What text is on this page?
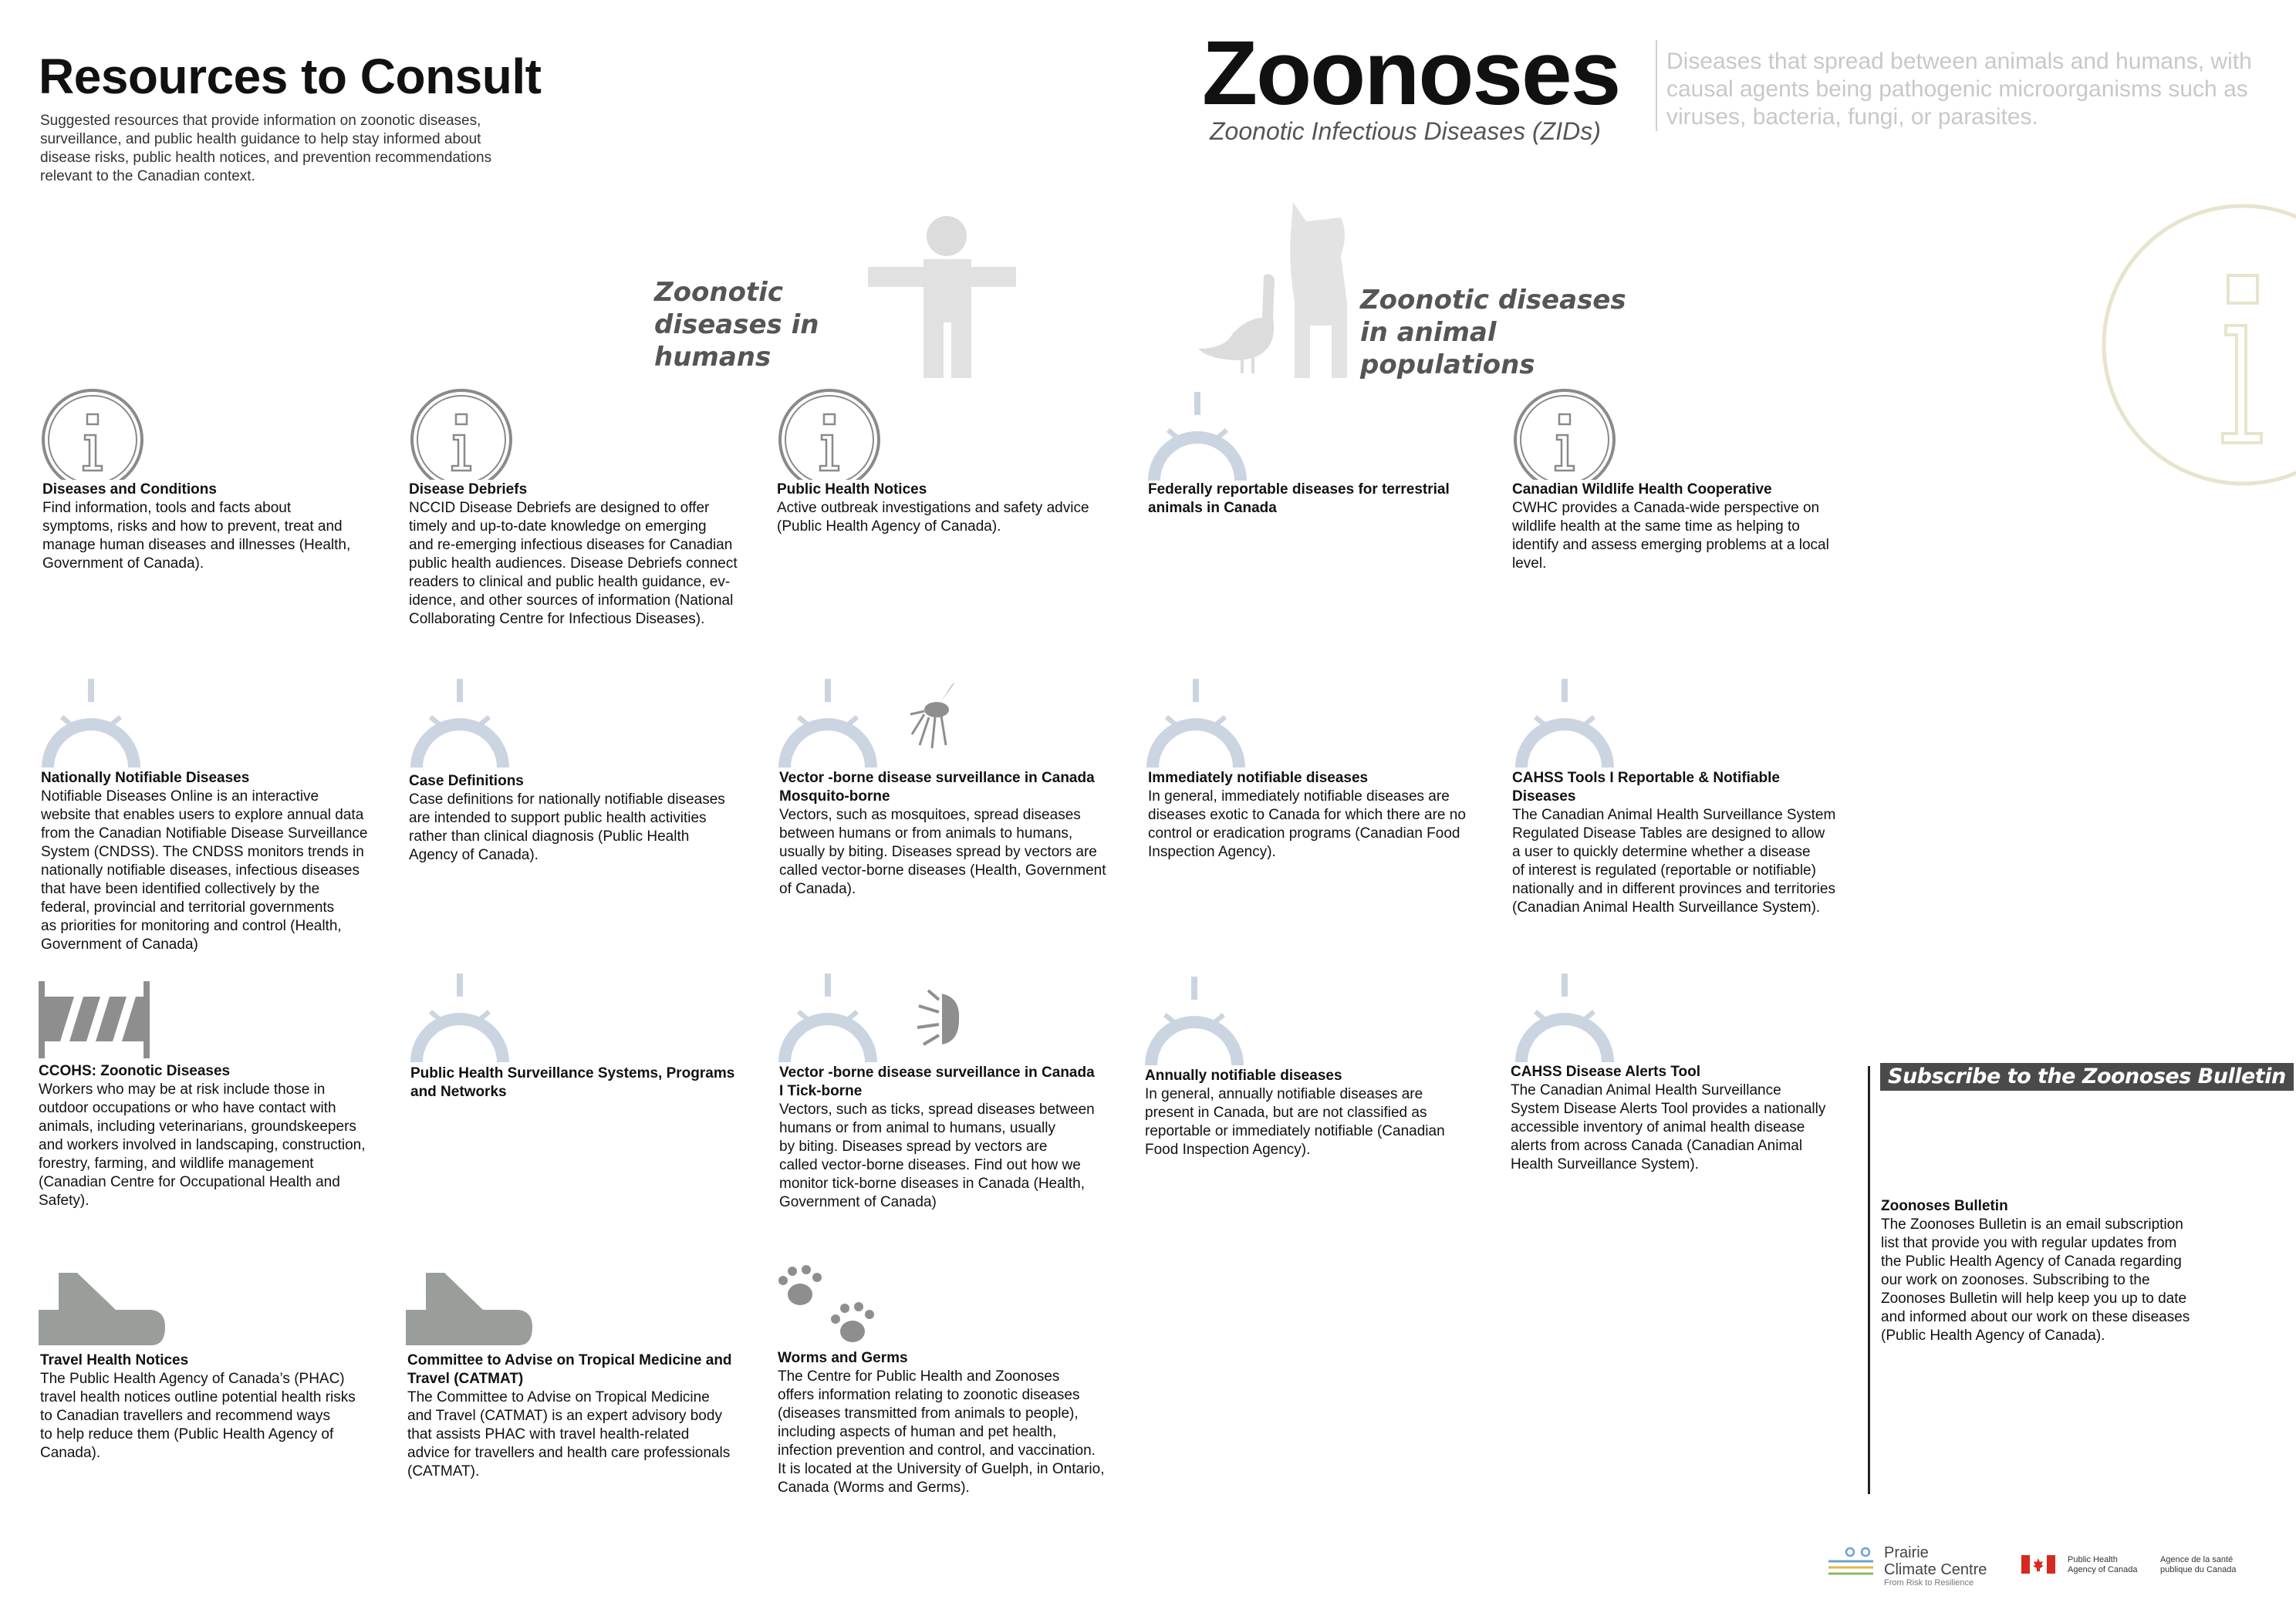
Resources to Consult
Suggested resources that provide information on zoonotic diseases, surveillance, and public health guidance to help stay informed about disease risks, public health notices, and prevention recommendations relevant to the Canadian context.
Zoonoses
Zoonotic Infectious Diseases (ZIDs)
Diseases that spread between animals and humans, with causal agents being pathogenic microorganisms such as viruses, bacteria, fungi, or parasites.
Zoonotic diseases in humans
Zoonotic diseases in animal populations
Diseases and Conditions
Find information, tools and facts about
symptoms, risks and how to prevent, treat and
manage human diseases and illnesses (Health,
Government of Canada).
Disease Debriefs
NCCID Disease Debriefs are designed to offer
timely and up-to-date knowledge on emerging
and re-emerging infectious diseases for Canadian
public health audiences. Disease Debriefs connect
readers to clinical and public health guidance, ev-
idence, and other sources of information (National
Collaborating Centre for Infectious Diseases).
Public Health Notices
Active outbreak investigations and safety advice
(Public Health Agency of Canada).
Federally reportable diseases for terrestrial animals in Canada
Canadian Wildlife Health Cooperative
CWHC provides a Canada-wide perspective on
wildlife health at the same time as helping to
identify and assess emerging problems at a local
level.
Nationally Notifiable Diseases
Notifiable Diseases Online is an interactive
website that enables users to explore annual data
from the Canadian Notifiable Disease Surveillance
System (CNDSS). The CNDSS monitors trends in
nationally notifiable diseases, infectious diseases
that have been identified collectively by the
federal, provincial and territorial governments
as priorities for monitoring and control (Health,
Government of Canada)
Case Definitions
Case definitions for nationally notifiable diseases
are intended to support public health activities
rather than clinical diagnosis (Public Health
Agency of Canada).
Vector -borne disease surveillance in Canada
Mosquito-borne
Vectors, such as mosquitoes, spread diseases
between humans or from animals to humans,
usually by biting. Diseases spread by vectors are
called vector-borne diseases (Health, Government
of Canada).
Immediately notifiable diseases
In general, immediately notifiable diseases are
diseases exotic to Canada for which there are no
control or eradication programs (Canadian Food
Inspection Agency).
CAHSS Tools I Reportable & Notifiable
Diseases
The Canadian Animal Health Surveillance System
Regulated Disease Tables are designed to allow
a user to quickly determine whether a disease
of interest is regulated (reportable or notifiable)
nationally and in different provinces and territories
(Canadian Animal Health Surveillance System).
CCOHS: Zoonotic Diseases
Workers who may be at risk include those in
outdoor occupations or who have contact with
animals, including veterinarians, groundskeepers
and workers involved in landscaping, construction,
forestry, farming, and wildlife management
(Canadian Centre for Occupational Health and
Safety).
Public Health Surveillance Systems, Programs
and Networks
Vector -borne disease surveillance in Canada
I Tick-borne
Vectors, such as ticks, spread diseases between
humans or from animal to humans, usually
by biting. Diseases spread by vectors are
called vector-borne diseases. Find out how we
monitor tick-borne diseases in Canada (Health,
Government of Canada)
Annually notifiable diseases
In general, annually notifiable diseases are
present in Canada, but are not classified as
reportable or immediately notifiable (Canadian
Food Inspection Agency).
CAHSS Disease Alerts Tool
The Canadian Animal Health Surveillance
System Disease Alerts Tool provides a nationally
accessible inventory of animal health disease
alerts from across Canada (Canadian Animal
Health Surveillance System).
Travel Health Notices
The Public Health Agency of Canada’s (PHAC)
travel health notices outline potential health risks
to Canadian travellers and recommend ways
to help reduce them (Public Health Agency of
Canada).
Committee to Advise on Tropical Medicine and
Travel (CATMAT)
The Committee to Advise on Tropical Medicine
and Travel (CATMAT) is an expert advisory body
that assists PHAC with travel health-related
advice for travellers and health care professionals
(CATMAT).
Worms and Germs
The Centre for Public Health and Zoonoses
offers information relating to zoonotic diseases
(diseases transmitted from animals to people),
including aspects of human and pet health,
infection prevention and control, and vaccination.
It is located at the University of Guelph, in Ontario,
Canada (Worms and Germs).
Subscribe to the Zoonoses Bulletin
Zoonoses Bulletin
The Zoonoses Bulletin is an email subscription
list that provide you with regular updates from
the Public Health Agency of Canada regarding
our work on zoonoses. Subscribing to the
Zoonoses Bulletin will help keep you up to date
and informed about our work on these diseases
(Public Health Agency of Canada).
Prairie
Climate Centre
From Risk to Resilience
Public Health
Agency of Canada
Agence de la santé
publique du Canada
